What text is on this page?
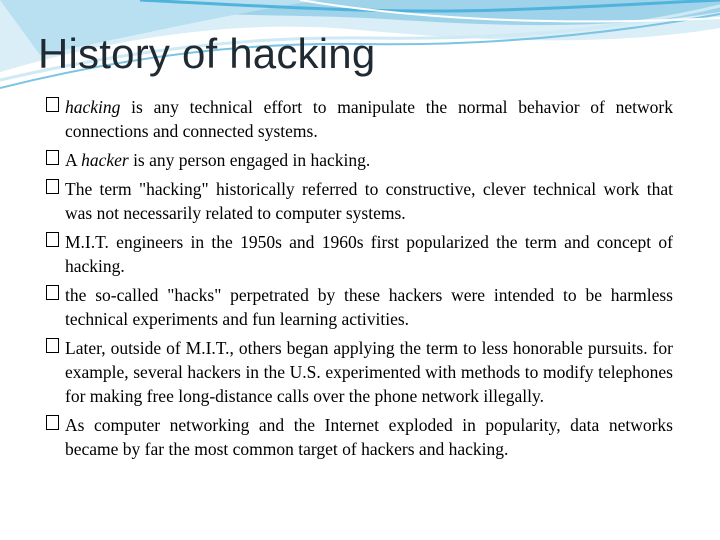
History of hacking
hacking is any technical effort to manipulate the normal behavior of network connections and connected systems.
A hacker is any person engaged in hacking.
The term "hacking" historically referred to constructive, clever technical work that was not necessarily related to computer systems.
M.I.T. engineers in the 1950s and 1960s first popularized the term and concept of hacking.
the so-called "hacks" perpetrated by these hackers were intended to be harmless technical experiments and fun learning activities.
Later, outside of M.I.T., others began applying the term to less honorable pursuits. for example, several hackers in the U.S. experimented with methods to modify telephones for making free long-distance calls over the phone network illegally.
As computer networking and the Internet exploded in popularity, data networks became by far the most common target of hackers and hacking.
